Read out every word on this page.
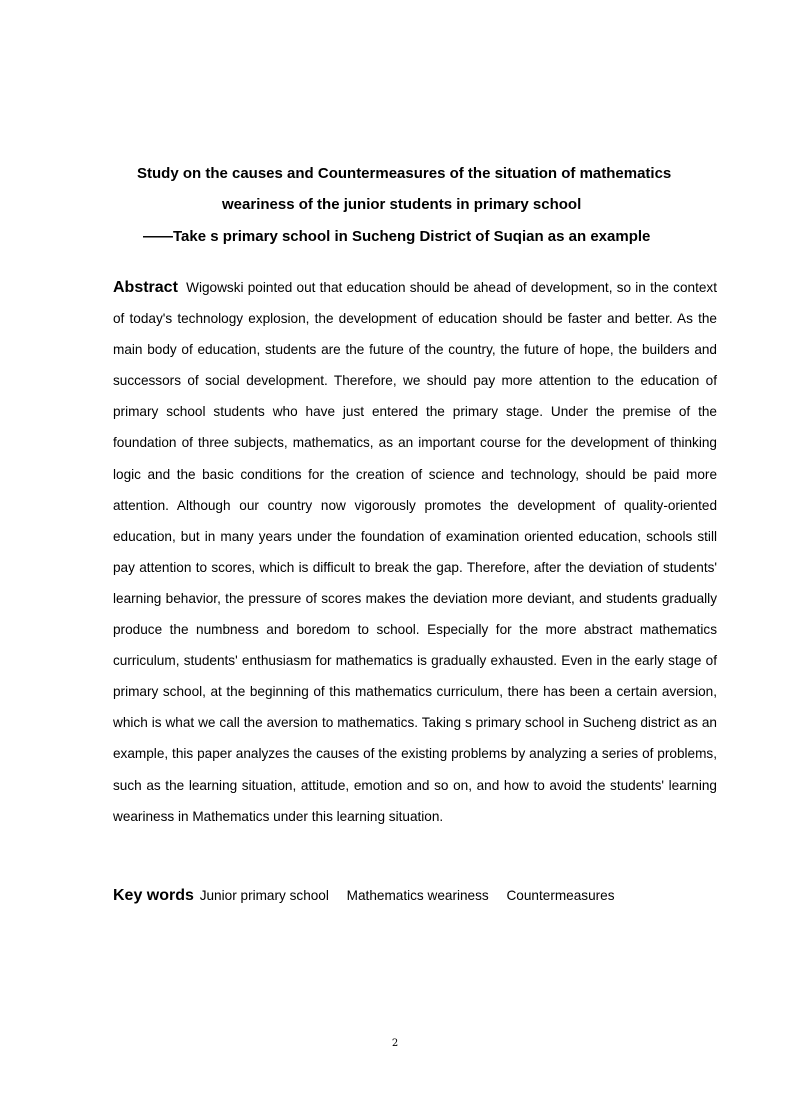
Study on the causes and Countermeasures of the situation of mathematics
weariness of the junior students in primary school
——Take s primary school in Sucheng District of Suqian as an example
Abstract Wigowski pointed out that education should be ahead of development, so in the context of today's technology explosion, the development of education should be faster and better. As the main body of education, students are the future of the country, the future of hope, the builders and successors of social development. Therefore, we should pay more attention to the education of primary school students who have just entered the primary stage. Under the premise of the foundation of three subjects, mathematics, as an important course for the development of thinking logic and the basic conditions for the creation of science and technology, should be paid more attention. Although our country now vigorously promotes the development of quality-oriented education, but in many years under the foundation of examination oriented education, schools still pay attention to scores, which is difficult to break the gap. Therefore, after the deviation of students' learning behavior, the pressure of scores makes the deviation more deviant, and students gradually produce the numbness and boredom to school. Especially for the more abstract mathematics curriculum, students' enthusiasm for mathematics is gradually exhausted. Even in the early stage of primary school, at the beginning of this mathematics curriculum, there has been a certain aversion, which is what we call the aversion to mathematics. Taking s primary school in Sucheng district as an example, this paper analyzes the causes of the existing problems by analyzing a series of problems, such as the learning situation, attitude, emotion and so on, and how to avoid the students' learning weariness in Mathematics under this learning situation.
Key words Junior primary school Mathematics weariness Countermeasures
2
